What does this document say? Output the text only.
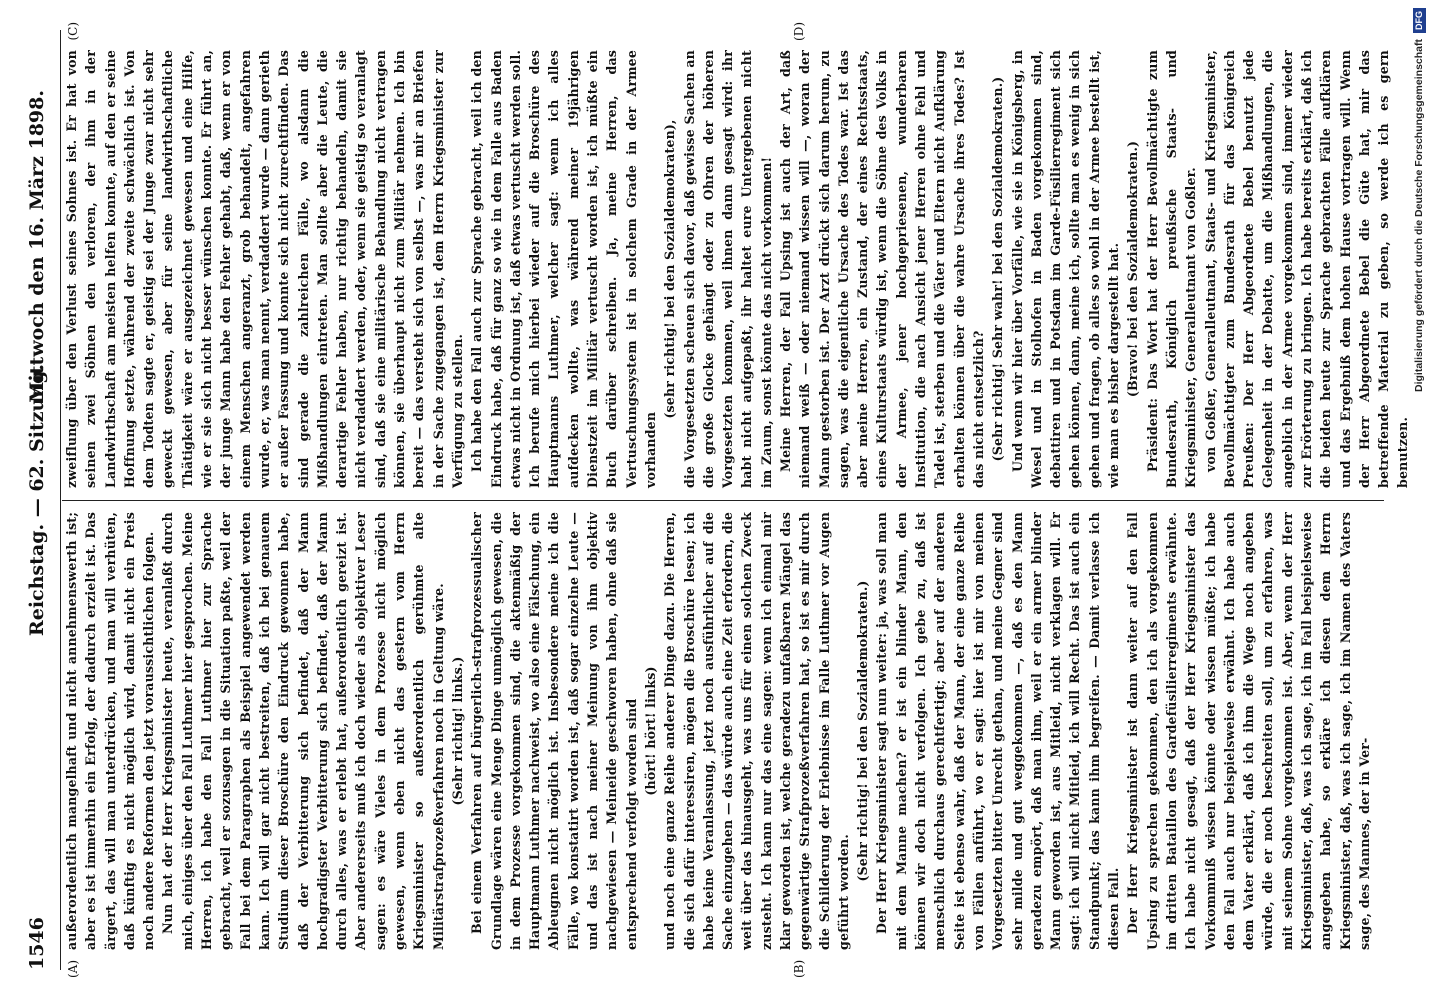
1546
Reichstag. — 62. Sitzung.
Mittwoch den 16. März 1898.
(A)	(B)
(C)	(D)

außerordentlich mangelhaft und nicht annehmenswerth ist; aber es ist immerhin ein Erfolg, der dadurch erzielt ist. Das ärgert, das will man unterdrücken, und man will verhüten, daß künftig es nicht möglich wird, damit nicht ein Preis noch andere Reformen den jetzt voraussichtlichen folgen. Nun hat der Herr Kriegsminister heute, veranlaßt durch mich, einiges über den Fall Luthmer hier gesprochen. Meine Herren, ich habe den Fall Luthmer hier zur Sprache gebracht, weil er sozusagen in die Situation paßte, weil der Fall bei dem Paragraphen als Beispiel angewendet werden kann. Ich will gar nicht bestreiten, daß ich bei genauem Studium dieser Broschüre den Eindruck gewonnen habe, daß der Verbitterung sich befindet, daß der Mann hochgradigster Verbitterung sich befindet, daß der Mann durch alles, was er erlebt hat, außerordentlich gereizt ist. Aber andererseits muß ich doch wieder als objektiver Leser sagen: es wäre Vieles in dem Prozesse nicht möglich gewesen, wenn eben nicht das gestern vom Herrn Kriegsminister so außerordentlich gerühmte alte Militärstrafprozeßverfahren noch in Geltung wäre. (Sehr richtig! links.) Bei einem Verfahren auf bürgerlich-strafprozessualischer Grundlage wären eine Menge Dinge unmöglich gewesen, die in dem Prozesse vorgekommen sind, die aktenmäßig der Hauptmann Luthmer nachweist, wo also eine Fälschung, ein Ableugnen nicht möglich ist. Insbesondere meine ich die Fälle, wo konstatirt worden ist, daß sogar einzelne Leute — und das ist nach meiner Meinung von ihm objektiv nachgewiesen — Meineide geschworen haben, ohne daß sie entsprechend verfolgt worden sind (hört! hört! links) und noch eine ganze Reihe anderer Dinge dazu. Die Herren, die sich dafür interessiren, mögen die Broschüre lesen; ich habe keine Veranlassung, jetzt noch ausführlicher auf die Sache einzugehen — das würde auch eine Zeit erfordern, die weit über das hinausgeht, was uns für einen solchen Zweck zusteht. Ich kann nur das eine sagen: wenn ich einmal mir klar geworden ist, welche geradezu unfaßbaren Mängel das gegenwärtige Strafprozeßverfahren hat, so ist es mir durch die Schilderung der Erlebnisse im Falle Luthmer vor Augen geführt worden.

(Sehr richtig! bei den Sozialdemokraten.) Der Herr Kriegsminister sagt nun weiter: ja, was soll man mit dem Manne machen? er ist ein blinder Mann, den können wir doch nicht verfolgen. Ich gebe zu, daß ist menschlich durchaus gerechtfertigt; aber auf der anderen Seite ist ebenso wahr, daß der Mann, der eine ganze Reihe von Fällen anführt, wo er sagt: hier ist mir von meinen Vorgesetzten bitter Unrecht gethan, und meine Gegner sind sehr milde und gut weggekommen —, daß es den Mann geradezu empört, daß man ihm, weil er ein armer blinder Mann geworden ist, aus Mitleid, nicht verklagen will. Er sagt: ich will nicht Mitleid, ich will Recht. Das ist auch ein Standpunkt; das kann ihm begreifen. — Damit verlasse ich diesen Fall. Der Herr Kriegsminister ist dann weiter auf den Fall Upsing zu sprechen gekommen, den ich als vorgekommen im dritten Bataillon des Gardefüsilierregiments erwähnte. Ich habe nicht gesagt, daß der Herr Kriegsminister das Vorkommniß wissen könnte oder wissen müßte; ich habe den Fall auch nur beispielsweise erwähnt. Ich habe auch dem Vater erklärt, daß ich ihm die Wege noch angeben würde, die er noch beschreiten soll, um zu erfahren, was mit seinem Sohne vorgekommen ist. Aber, wenn der Herr Kriegsminister, daß, was ich sage, ich im Fall beispielsweise angegeben habe, so erkläre ich diesen dem Herrn Kriegsminister, daß, was ich sage, ich im Namen des Vaters sage, des Mannes, der in Ver-

zweiflung über den Verlust seines Sohnes ist. Er hat von seinen zwei Söhnen den verloren, der ihm in der Landwirthschaft am meisten helfen konnte, auf den er seine Hoffnung setzte, während der zweite schwächlich ist. Von dem Todten sagte er, geistig sei der Junge zwar nicht sehr geweckt gewesen, aber für seine landwirthschaftliche Thätigkeit wäre er ausgezeichnet gewesen und eine Hilfe, wie er sie sich nicht besser wünschen konnte. Er führt an, der junge Mann habe den Fehler gehabt, daß, wenn er von einem Menschen angeranzt, grob behandelt, angefahren wurde, er, was man nennt, verdaddert wurde — dann gerieth er außer Fassung und konnte sich nicht zurechtfinden. Das sind gerade die zahlreichen Fälle, wo alsdann die Mißhandlungen eintreten. Man sollte aber die Leute, die derartige Fehler haben, nur richtig behandeln, damit sie nicht verdaddert werden, oder, wenn sie geistig so veranlagt sind, daß sie eine militärische Behandlung nicht vertragen können, sie überhaupt nicht zum Militär nehmen. Ich bin bereit — das versteht sich von selbst —, was mir an Briefen in der Sache zugegangen ist, dem Herrn Kriegsminister zur Verfügung zu stellen. Ich habe den Fall auch zur Sprache gebracht, weil ich den Eindruck habe, daß für ganz so wie in dem Falle aus Baden etwas nicht in Ordnung ist, daß etwas vertuscht werden soll. Ich berufe mich hierbei wieder auf die Broschüre des Hauptmanns Luthmer, welcher sagt: wenn ich alles aufdecken wollte, was während meiner 19jährigen Dienstzeit im Militär vertuscht worden ist, ich müßte ein Buch darüber schreiben. Ja, meine Herren, das Vertuschungssystem ist in solchem Grade in der Armee vorhanden

(sehr richtig! bei den Sozialdemokraten), die Vorgesetzten scheuen sich davor, daß gewisse Sachen an die große Glocke gehängt oder zu Ohren der höheren Vorgesetzten kommen, weil ihnen dann gesagt wird: ihr habt nicht aufgepaßt, ihr haltet eure Untergebenen nicht im Zaum, sonst könnte das nicht vorkommen! Meine Herren, der Fall Upsing ist auch der Art, daß niemand weiß — oder niemand wissen will —, woran der Mann gestorben ist. Der Arzt drückt sich darum herum, zu sagen, was die eigentliche Ursache des Todes war. Ist das aber meine Herren, ein Zustand, der eines Rechtsstaats, eines Kulturstaats würdig ist, wenn die Söhne des Volks in der Armee, jener hochgepriesenen, wunderbaren Institution, die nach Ansicht jener Herren ohne Fehl und Tadel ist, sterben und die Väter und Eltern nicht Aufklärung erhalten können über die wahre Ursache ihres Todes? Ist das nicht entsetzlich? (Sehr richtig! Sehr wahr! bei den Sozialdemokraten.) Und wenn wir hier über Vorfälle, wie sie in Königsberg, in Wesel und in Stolhofen in Baden vorgekommen sind, debattiren und in Potsdam im Garde-Füsilierregiment sich gehen können, dann, meine ich, sollte man es wenig in sich gehen und fragen, ob alles so wohl in der Armee bestellt ist, wie man es bisher dargestellt hat. (Bravo! bei den Sozialdemokraten.) Präsident: Das Wort hat der Herr Bevollmächtigte zum Bundesrath, Königlich preußische Staats- und Kriegsminister, Generalleutnant von Goßler. von Goßler, Generalleutnant, Staats- und Kriegsminister, Bevollmächtigter zum Bundesrath für das Königreich Preußen: Der Herr Abgeordnete Bebel benutzt jede Gelegenheit in der Debatte, um die Mißhandlungen, die angeblich in der Armee vorgekommen sind, immer wieder zur Erörterung zu bringen. Ich habe bereits erklärt, daß ich die beiden heute zur Sprache gebrachten Fälle aufklären und das Ergebniß dem hohen Hause vortragen will. Wenn der Herr Abgeordnete Bebel die Güte hat, mir das betreffende Material zu geben, so werde ich es gern benutzen.

Digitalisierung gefördert durch die Deutsche ForschungsgemeinschaftDFG
